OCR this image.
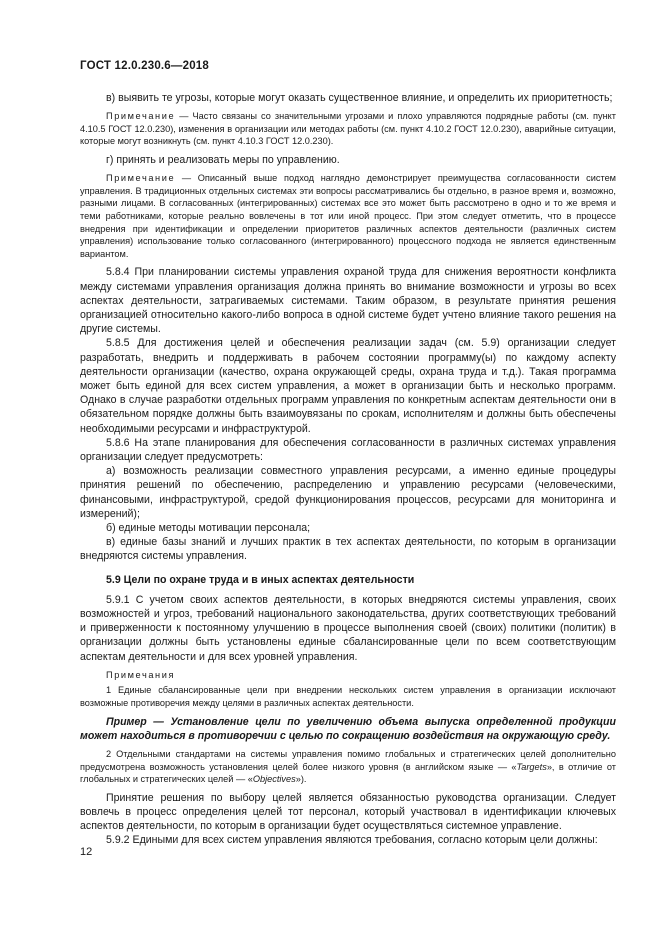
ГОСТ 12.0.230.6—2018

в) выявить те угрозы, которые могут оказать существенное влияние, и определить их приоритетность;

Примечание — Часто связаны со значительными угрозами и плохо управляются подрядные работы (см. пункт 4.10.5 ГОСТ 12.0.230), изменения в организации или методах работы (см. пункт 4.10.2 ГОСТ 12.0.230), аварийные ситуации, которые могут возникнуть (см. пункт 4.10.3 ГОСТ 12.0.230).

г) принять и реализовать меры по управлению.

Примечание — Описанный выше подход наглядно демонстрирует преимущества согласованности систем управления. В традиционных отдельных системах эти вопросы рассматривались бы отдельно, в разное время и, возможно, разными лицами. В согласованных (интегрированных) системах все это может быть рассмотрено в одно и то же время и теми работниками, которые реально вовлечены в тот или иной процесс. При этом следует отметить, что в процессе внедрения при идентификации и определении приоритетов различных аспектов деятельности (различных систем управления) использование только согласованного (интегрированного) процессного подхода не является единственным вариантом.

5.8.4 При планировании системы управления охраной труда для снижения вероятности конфликта между системами управления организация должна принять во внимание возможности и угрозы во всех аспектах деятельности, затрагиваемых системами. Таким образом, в результате принятия решения организацией относительно какого-либо вопроса в одной системе будет учтено влияние такого решения на другие системы.

5.8.5 Для достижения целей и обеспечения реализации задач (см. 5.9) организации следует разработать, внедрить и поддерживать в рабочем состоянии программу(ы) по каждому аспекту деятельности организации (качество, охрана окружающей среды, охрана труда и т.д.). Такая программа может быть единой для всех систем управления, а может в организации быть и несколько программ. Однако в случае разработки отдельных программ управления по конкретным аспектам деятельности они в обязательном порядке должны быть взаимоувязаны по срокам, исполнителям и должны быть обеспечены необходимыми ресурсами и инфраструктурой.

5.8.6 На этапе планирования для обеспечения согласованности в различных системах управления организации следует предусмотреть:

а) возможность реализации совместного управления ресурсами, а именно единые процедуры принятия решений по обеспечению, распределению и управлению ресурсами (человеческими, финансовыми, инфраструктурой, средой функционирования процессов, ресурсами для мониторинга и измерений);

б) единые методы мотивации персонала;

в) единые базы знаний и лучших практик в тех аспектах деятельности, по которым в организации внедряются системы управления.

5.9 Цели по охране труда и в иных аспектах деятельности

5.9.1 С учетом своих аспектов деятельности, в которых внедряются системы управления, своих возможностей и угроз, требований национального законодательства, других соответствующих требований и приверженности к постоянному улучшению в процессе выполнения своей (своих) политики (политик) в организации должны быть установлены единые сбалансированные цели по всем соответствующим аспектам деятельности и для всех уровней управления.

Примечания

1 Единые сбалансированные цели при внедрении нескольких систем управления в организации исключают возможные противоречия между целями в различных аспектах деятельности.

Пример — Установление цели по увеличению объема выпуска определенной продукции может находиться в противоречии с целью по сокращению воздействия на окружающую среду.

2 Отдельными стандартами на системы управления помимо глобальных и стратегических целей дополнительно предусмотрена возможность установления целей более низкого уровня (в английском языке — «Targets», в отличие от глобальных и стратегических целей — «Objectives»).

Принятие решения по выбору целей является обязанностью руководства организации. Следует вовлечь в процесс определения целей тот персонал, который участвовал в идентификации ключевых аспектов деятельности, по которым в организации будет осуществляться системное управление.

5.9.2 Едиными для всех систем управления являются требования, согласно которым цели должны:

12
